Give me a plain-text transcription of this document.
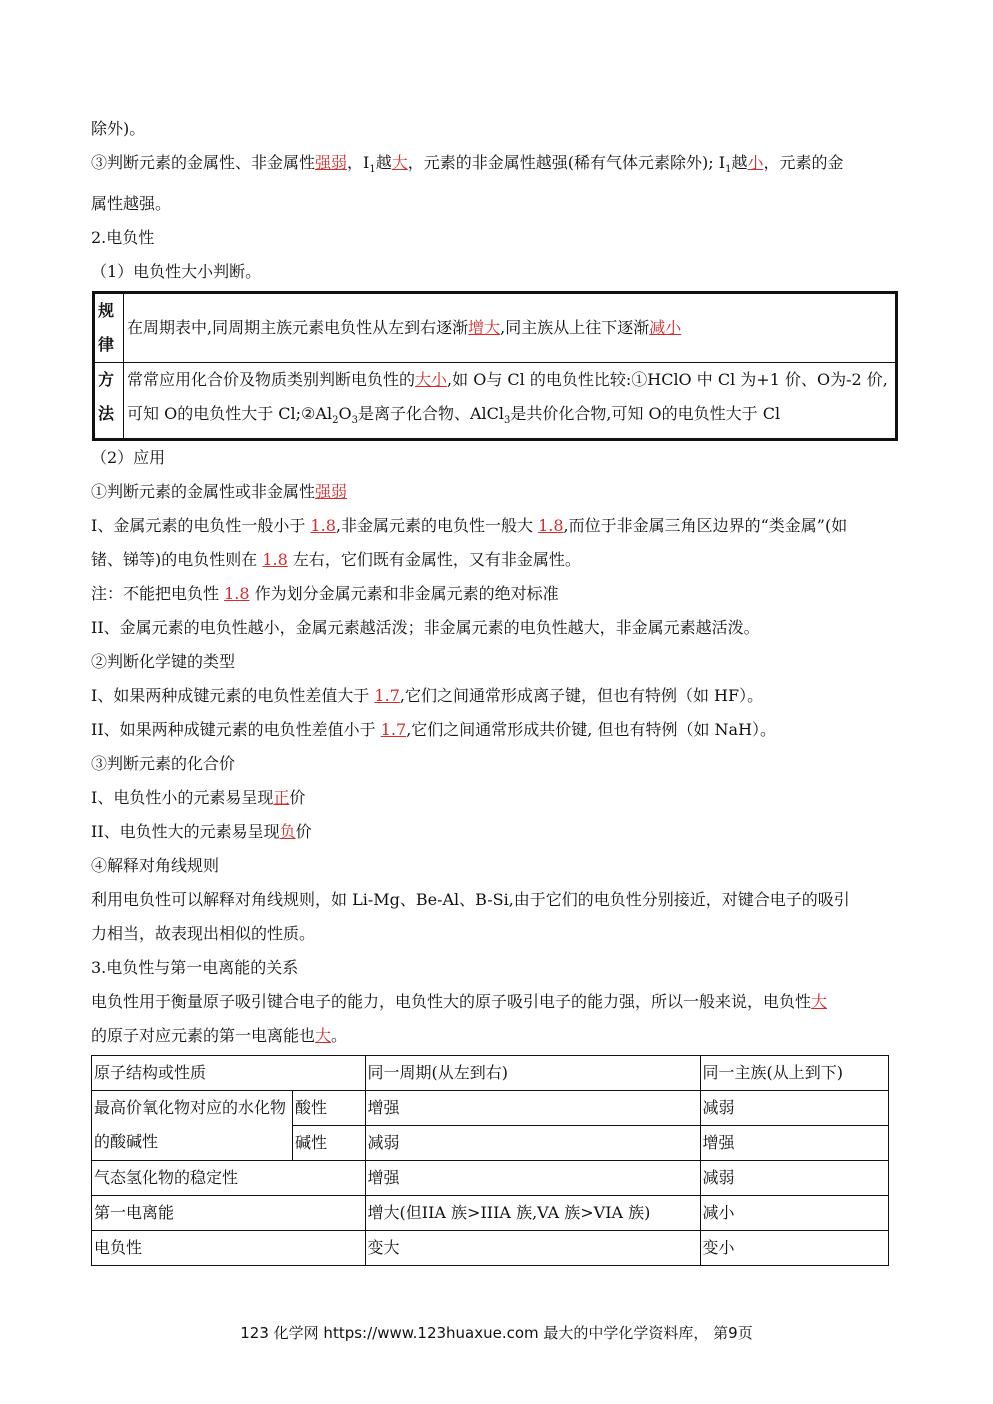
除外)。
③判断元素的金属性、非金属性强弱，$I_1$越大，元素的非金属性越强(稀有气体元素除外); $I_1$越小，元素的金
属性越强。
2.电负性
（1）电负性大小判断。
规律	在周期表中,同周期主族元素电负性从左到右逐渐增大,同主族从上往下逐渐减小
方法	常常应用化合价及物质类别判断电负性的大小,如 O与 Cl 的电负性比较:①HClO 中 Cl 为+1 价、O为-2 价,可知 O的电负性大于 $Cl;②Al_2O_3$是离子化合物、AlCl$_3$是共价化合物,可知 O的电负性大于 Cl
（2）应用
①判断元素的金属性或非金属性强弱
I、金属元素的电负性一般小于 1.8,非金属元素的电负性一般大 1.8,而位于非金属三角区边界的“类金属”(如
锗、锑等)的电负性则在 1.8 左右，它们既有金属性，又有非金属性。
注：不能把电负性 1.8 作为划分金属元素和非金属元素的绝对标准
II、金属元素的电负性越小，金属元素越活泼；非金属元素的电负性越大，非金属元素越活泼。
②判断化学键的类型
I、如果两种成键元素的电负性差值大于 1.7,它们之间通常形成离子键，但也有特例（如 HF）。
II、如果两种成键元素的电负性差值小于 1.7,它们之间通常形成共价键, 但也有特例（如 NaH）。
③判断元素的化合价
I、电负性小的元素易呈现正价
II、电负性大的元素易呈现负价
④解释对角线规则
利用电负性可以解释对角线规则，如 Li-Mg、Be-Al、B-Si,由于它们的电负性分别接近，对键合电子的吸引
力相当，故表现出相似的性质。
3.电负性与第一电离能的关系
电负性用于衡量原子吸引键合电子的能力，电负性大的原子吸引电子的能力强，所以一般来说，电负性大
的原子对应元素的第一电离能也大。
原子结构或性质		同一周期(从左到右)	同一主族(从上到下)
最高价氧化物对应的水化物的酸碱性	酸性	增强	减弱
	碱性	减弱	增强
气态氢化物的稳定性		增强	减弱
第一电离能		增大(但IIA 族>IIIA 族,VA 族>VIA 族)	减小
电负性		变大	变小
123 化学网 https://www.123huaxue.com 最大的中学化学资料库， 第9页
